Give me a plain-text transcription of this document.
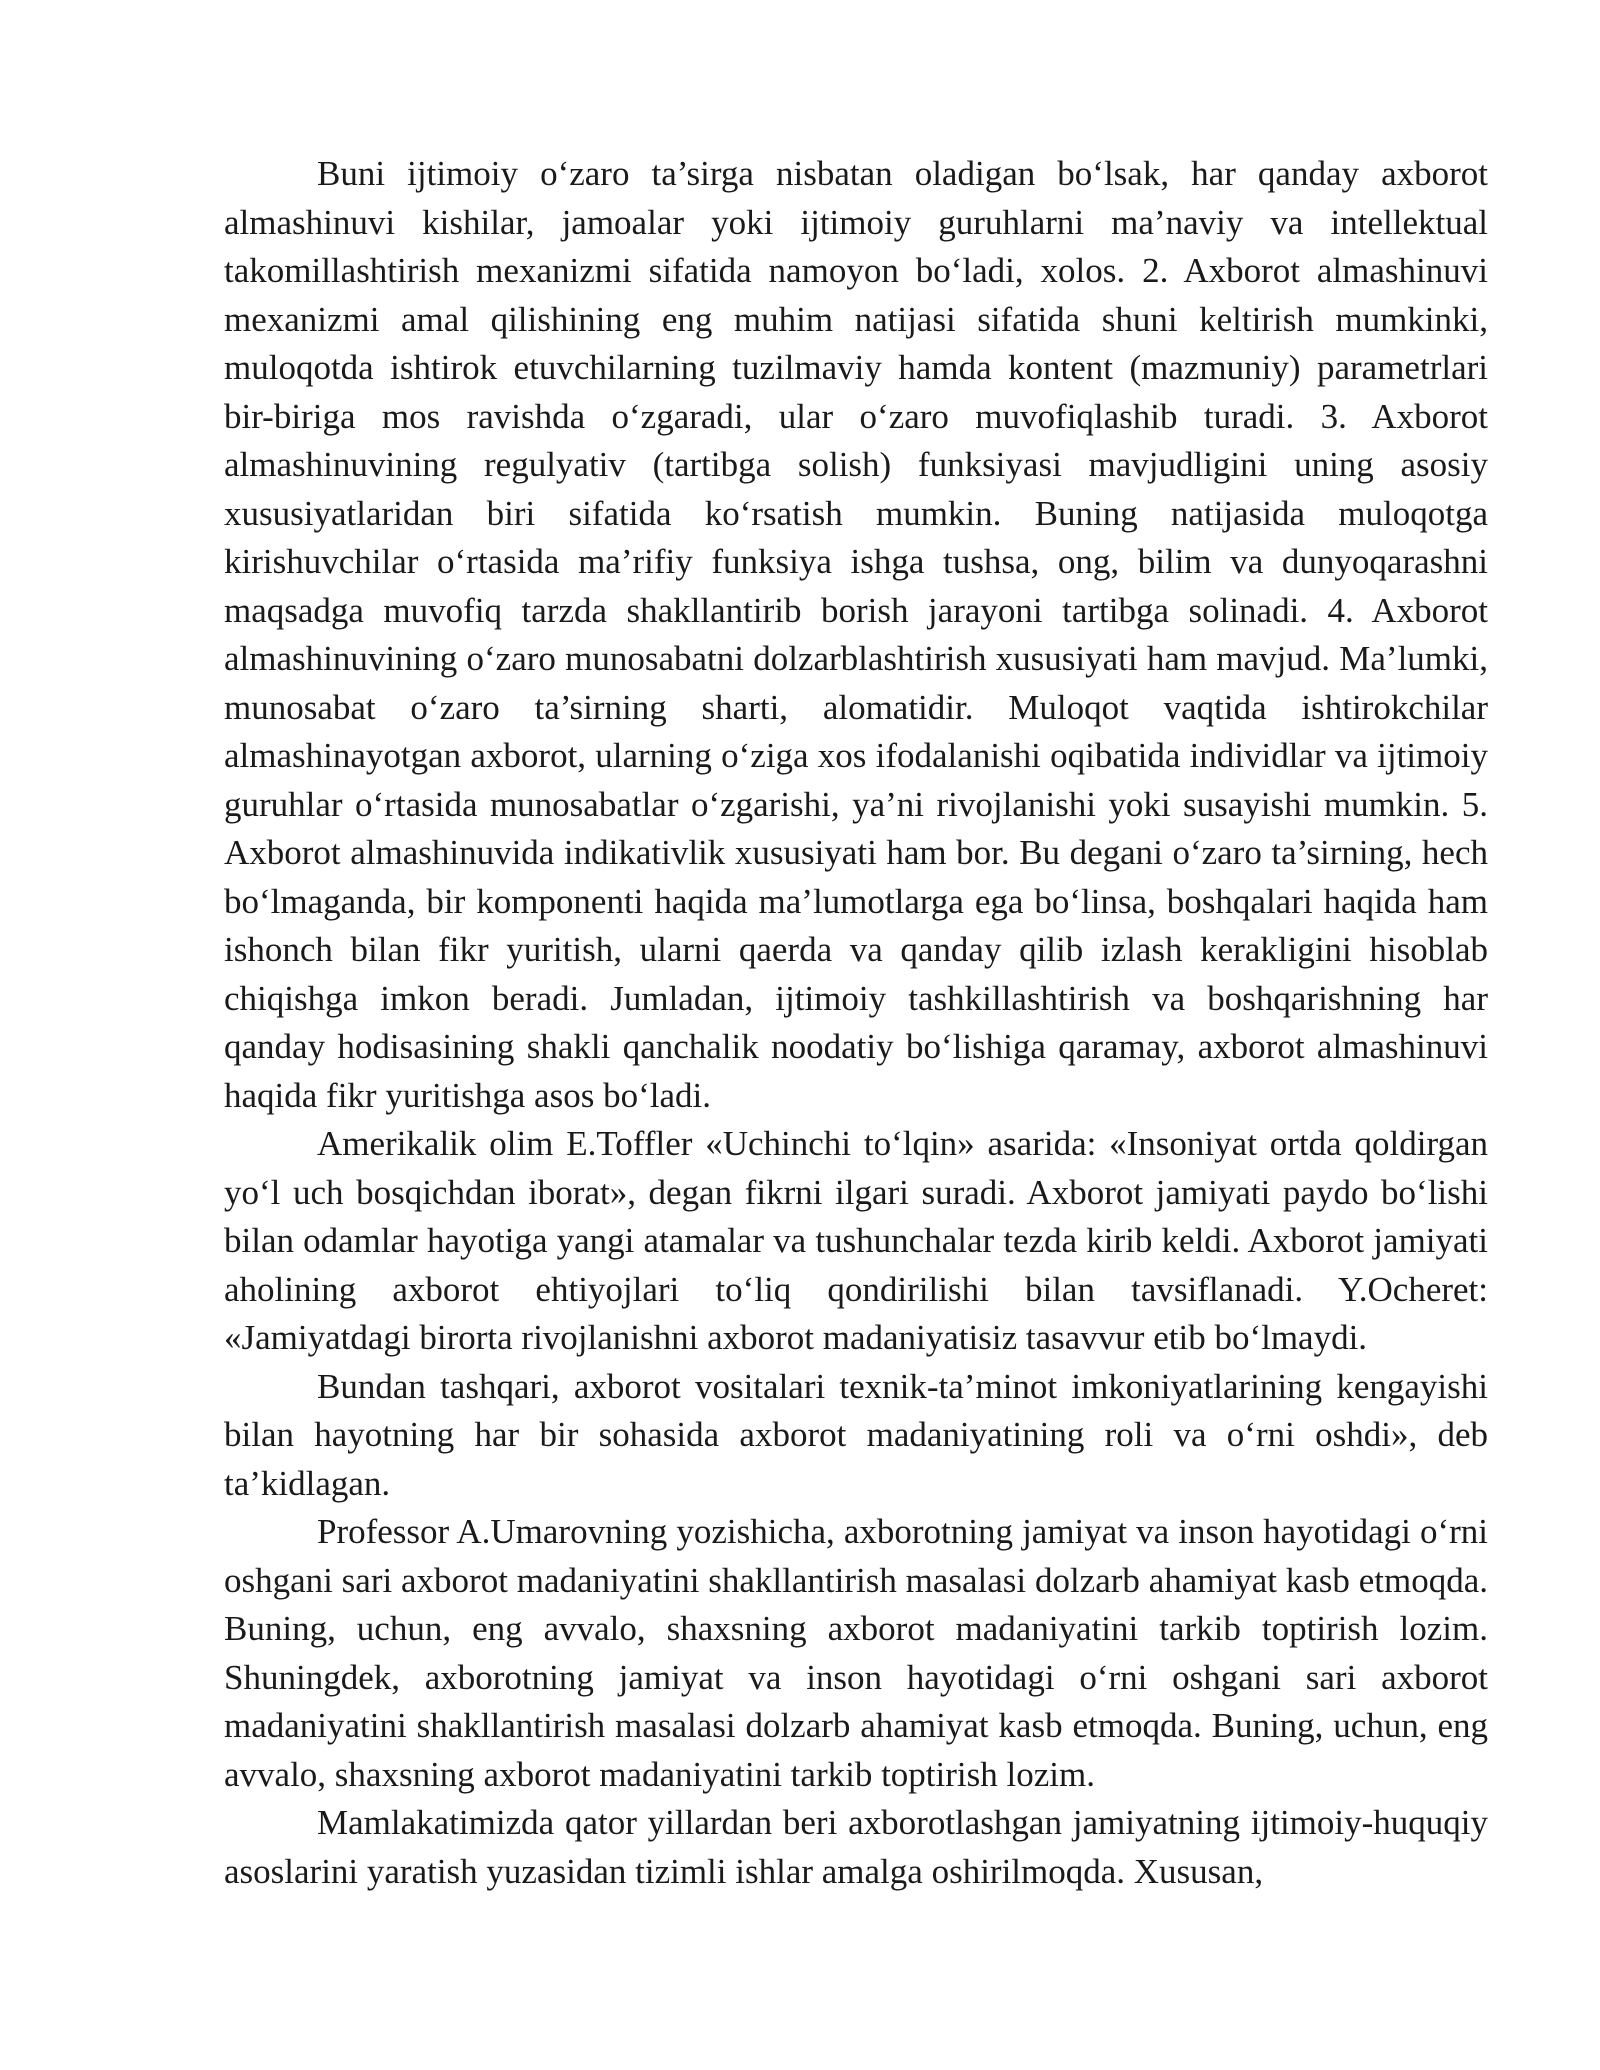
Buni ijtimoiy o‘zaro ta’sirga nisbatan oladigan bo‘lsak, har qanday axborot almashinuvi kishilar, jamoalar yoki ijtimoiy guruhlarni ma’naviy va intellektual takomillashtirish mexanizmi sifatida namoyon bo‘ladi, xolos. 2. Axborot almashinuvi mexanizmi amal qilishining eng muhim natijasi sifatida shuni keltirish mumkinki, muloqotda ishtirok etuvchilarning tuzilmaviy hamda kontent (mazmuniy) parametrlari bir-biriga mos ravishda o‘zgaradi, ular o‘zaro muvofiqlashib turadi. 3. Axborot almashinuvining regulyativ (tartibga solish) funksiyasi mavjudligini uning asosiy xususiyatlaridan biri sifatida ko‘rsatish mumkin. Buning natijasida muloqotga kirishuvchilar o‘rtasida ma’rifiy funksiya ishga tushsa, ong, bilim va dunyoqarashni maqsadga muvofiq tarzda shakllantirib borish jarayoni tartibga solinadi. 4. Axborot almashinuvining o‘zaro munosabatni dolzarblashtirish xususiyati ham mavjud. Ma’lumki, munosabat o‘zaro ta’sirning sharti, alomatidir. Muloqot vaqtida ishtirokchilar almashinayotgan axborot, ularning o‘ziga xos ifodalanishi oqibatida individlar va ijtimoiy guruhlar o‘rtasida munosabatlar o‘zgarishi, ya’ni rivojlanishi yoki susayishi mumkin. 5. Axborot almashinuvida indikativlik xususiyati ham bor. Bu degani o‘zaro ta’sirning, hech bo‘lmaganda, bir komponenti haqida ma’lumotlarga ega bo‘linsa, boshqalari haqida ham ishonch bilan fikr yuritish, ularni qaerda va qanday qilib izlash kerakligini hisoblab chiqishga imkon beradi. Jumladan, ijtimoiy tashkillashtirish va boshqarishning har qanday hodisasining shakli qanchalik noodatiy bo‘lishiga qaramay, axborot almashinuvi haqida fikr yuritishga asos bo‘ladi.

Amerikalik olim E.Toffler «Uchinchi to‘lqin» asarida: «Insoniyat ortda qoldirgan yo‘l uch bosqichdan iborat», degan fikrni ilgari suradi. Axborot jamiyati paydo bo‘lishi bilan odamlar hayotiga yangi atamalar va tushunchalar tezda kirib keldi. Axborot jamiyati aholining axborot ehtiyojlari to‘liq qondirilishi bilan tavsiflanadi. Y.Ocheret: «Jamiyatdagi birorta rivojlanishni axborot madaniyatisiz tasavvur etib bo‘lmaydi.

Bundan tashqari, axborot vositalari texnik-ta’minot imkoniyatlarining kengayishi bilan hayotning har bir sohasida axborot madaniyatining roli va o‘rni oshdi», deb ta’kidlagan.

Professor A.Umarovning yozishicha, axborotning jamiyat va inson hayotidagi o‘rni oshgani sari axborot madaniyatini shakllantirish masalasi dolzarb ahamiyat kasb etmoqda. Buning, uchun, eng avvalo, shaxsning axborot madaniyatini tarkib toptirish lozim. Shuningdek, axborotning jamiyat va inson hayotidagi o‘rni oshgani sari axborot madaniyatini shakllantirish masalasi dolzarb ahamiyat kasb etmoqda. Buning, uchun, eng avvalo, shaxsning axborot madaniyatini tarkib toptirish lozim.

Mamlakatimizda qator yillardan beri axborotlashgan jamiyatning ijtimoiy-huquqiy asoslarini yaratish yuzasidan tizimli ishlar amalga oshirilmoqda. Xususan,
